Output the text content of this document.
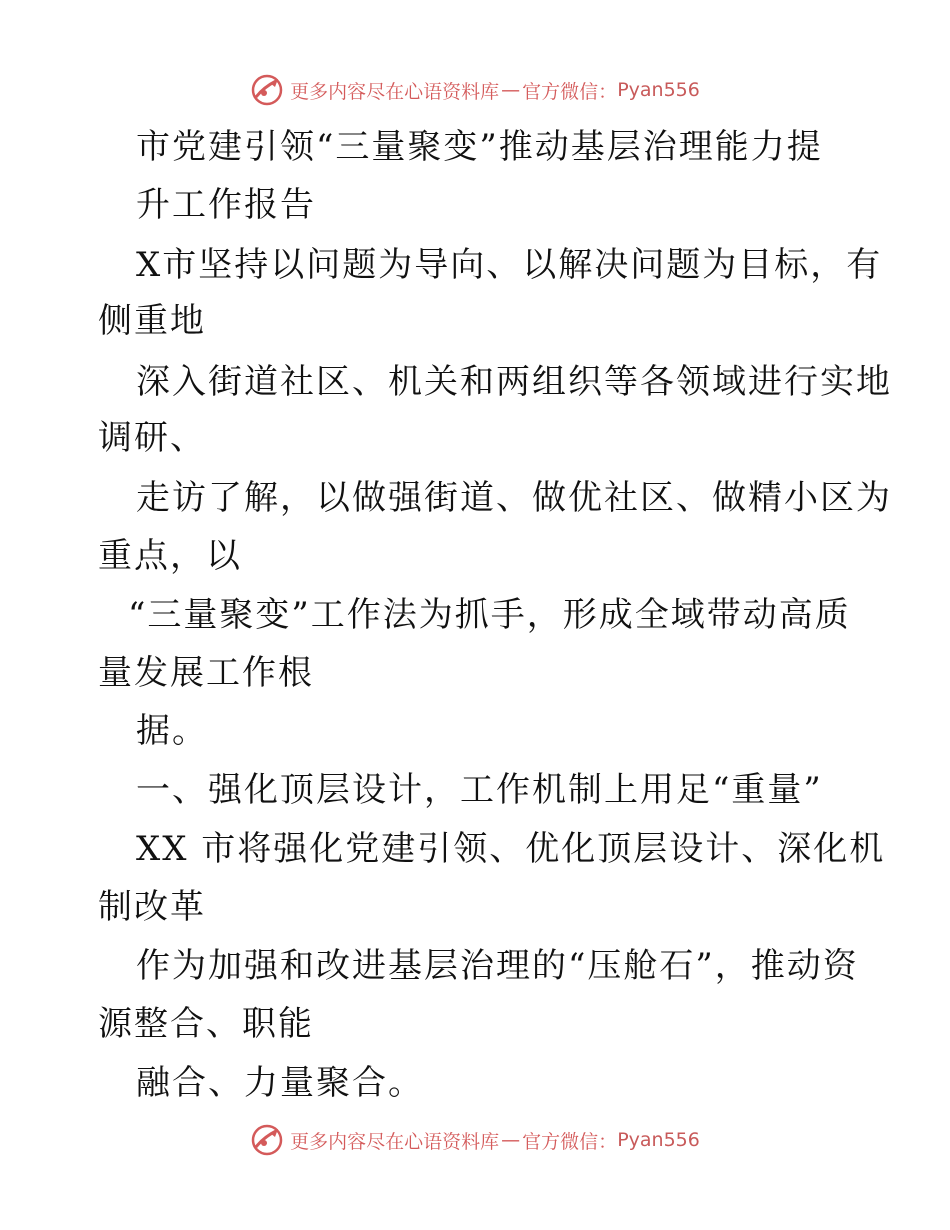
更多内容尽在心语资料库 — 官方微信： Pyan556
市党建引领“三量聚变”推动基层治理能力提
升工作报告
X市坚持以问题为导向、以解决问题为目标，有
侧重地
深入街道社区、机关和两组织等各领域进行实地
调研、
走访了解，以做强街道、做优社区、做精小区为
重点，以
“三量聚变”工作法为抓手，形成全域带动高质
量发展工作根
据。
一、强化顶层设计，工作机制上用足“重量”
XX 市将强化党建引领、优化顶层设计、深化机
制改革
作为加强和改进基层治理的“压舱石”，推动资
源整合、职能
融合、力量聚合。
更多内容尽在心语资料库 — 官方微信： Pyan556
